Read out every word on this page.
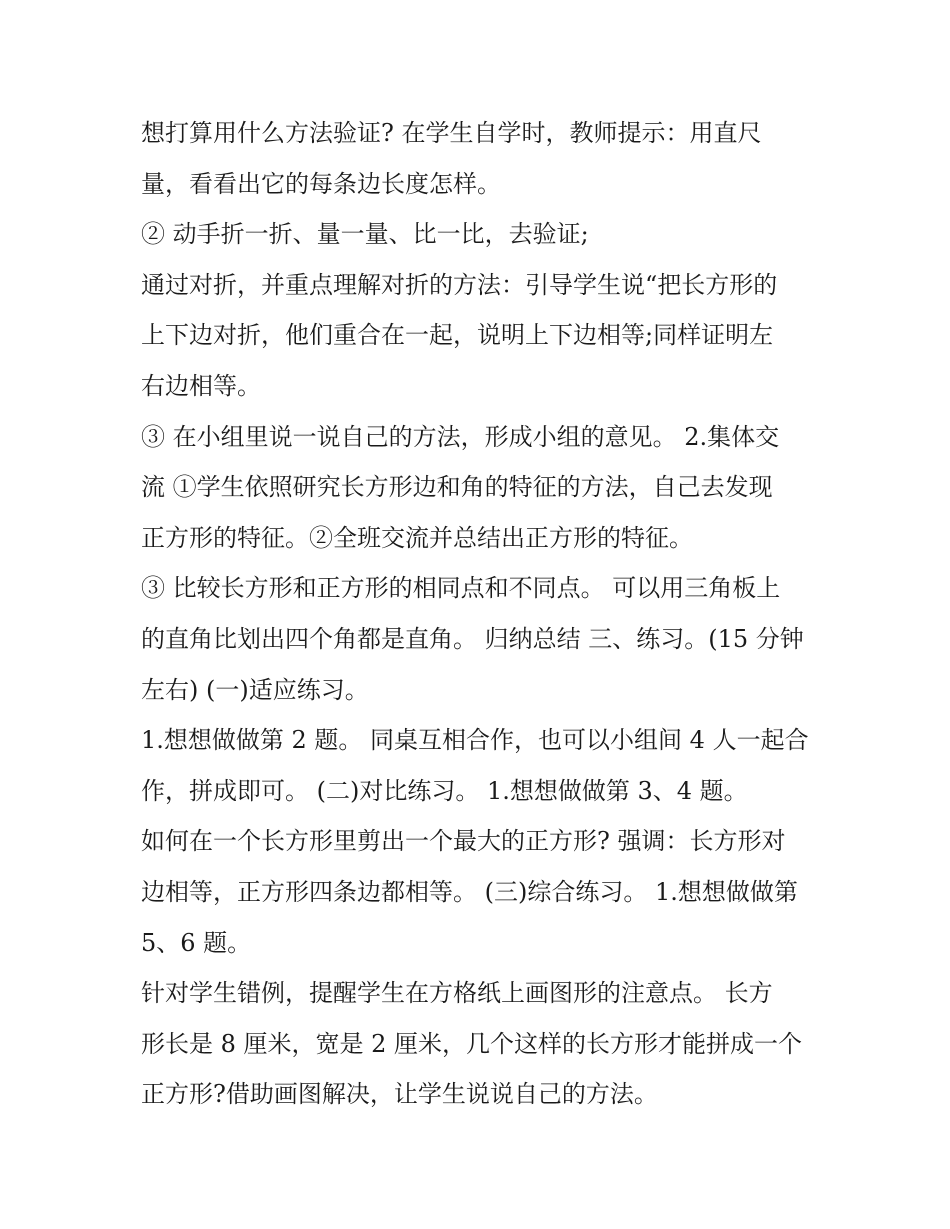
想打算用什么方法验证? 在学生自学时，教师提示：用直尺
量，看看出它的每条边长度怎样。
② 动手折一折、量一量、比一比，去验证;
通过对折，并重点理解对折的方法：引导学生说“把长方形的
上下边对折，他们重合在一起，说明上下边相等;同样证明左
右边相等。
③ 在小组里说一说自己的方法，形成小组的意见。 2.集体交
流 ①学生依照研究长方形边和角的特征的方法，自己去发现
正方形的特征。②全班交流并总结出正方形的特征。
③ 比较长方形和正方形的相同点和不同点。 可以用三角板上
的直角比划出四个角都是直角。 归纳总结 三、练习。(15 分钟
左右) (一)适应练习。
1.想想做做第 2 题。 同桌互相合作，也可以小组间 4 人一起合
作，拼成即可。 (二)对比练习。 1.想想做做第 3、4 题。
如何在一个长方形里剪出一个最大的正方形? 强调：长方形对
边相等，正方形四条边都相等。 (三)综合练习。 1.想想做做第
5、6 题。
针对学生错例，提醒学生在方格纸上画图形的注意点。 长方
形长是 8 厘米，宽是 2 厘米，几个这样的长方形才能拼成一个
正方形?借助画图解决，让学生说说自己的方法。
